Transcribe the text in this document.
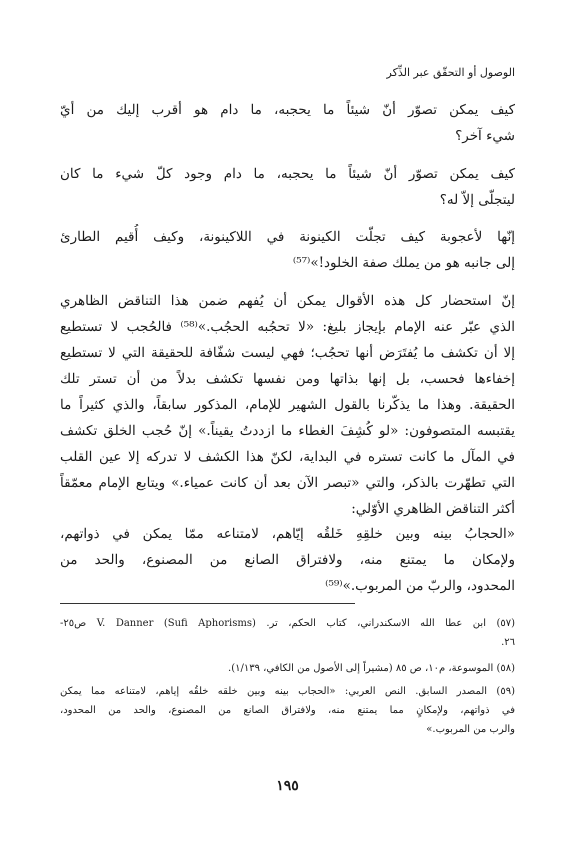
الوصول أو التحقّق عبر الذِّكر
كيف يمكن تصوّر أنّ شيئاً ما يحجبه، ما دام هو أقرب إليك من أيّ
شيء آخر؟
كيف يمكن تصوّر أنّ شيئاً ما يحجبه، ما دام وجود كلّ شيء ما كان
ليتجلّى إلاّ له؟
إنّها لأعجوبة كيف تجلّت الكينونة في اللاكينونة، وكيف أُقيم الطارئ
إلى جانبه هو من يملك صفة الخلود!»⁽⁵⁷⁾
إنّ استحضار كل هذه الأقوال يمكن أن يُفهم ضمن هذا التناقض الظاهري
الذي عبّر عنه الإمام بإيجاز بليغ: «لا تحجُبه الحجُب.»⁽⁵⁸⁾ فالحُجب لا تستطيع
إلا أن تكشف ما يُفتَرَض أنها تحجُب؛ فهي ليست شفّافة للحقيقة التي لا تستطيع
إخفاءها فحسب، بل إنها بذاتها ومن نفسها تكشف بدلاً من أن تستر تلك
الحقيقة. وهذا ما يذكّرنا بالقول الشهير للإمام، المذكور سابقاً، والذي كثيراً ما
يقتبسه المتصوفون: «لو كُشِفَ الغطاء ما ازددتُ يقيناً.» إنّ حُجب الخلق تكشف
في المآل ما كانت تستره في البداية، لكنّ هذا الكشف لا تدركه إلا عين القلب
التي تطهّرت بالذكر، والتي «تبصر الآن بعد أن كانت عمياء.» ويتابع الإمام معمّقاً
أكثر التناقض الظاهري الأوّلي:
«الحجابُ بينه وبين خلقِهِ خَلقُه إيّاهم، لامتناعه ممّا يمكن في ذواتهم،
ولإمكان ما يمتنع منه، ولافتراق الصانع من المصنوع، والحد من
المحدود، والربّ من المربوب.»⁽⁵⁹⁾
(٥٧) ابن عطا الله الاسكندراني، كتاب الحكم، تر. V. Danner (Sufi Aphorisms) ص٢٥-
٢٦.
(٥٨) الموسوعة، م١٠، ص ٨٥ (مشيراً إلى الأصول من الكافي، ١/١٣٩).
(٥٩) المصدر السابق. النص العربي: «الحجاب بينه وبين خلقه خلقُه إياهم، لامتناعه مما يمكن
في ذواتهم، ولإمكانٍ مما يمتنع منه، ولافتراق الصانع من المصنوع، والحد من المحدود،
والرب من المربوب.»
١٩٥
